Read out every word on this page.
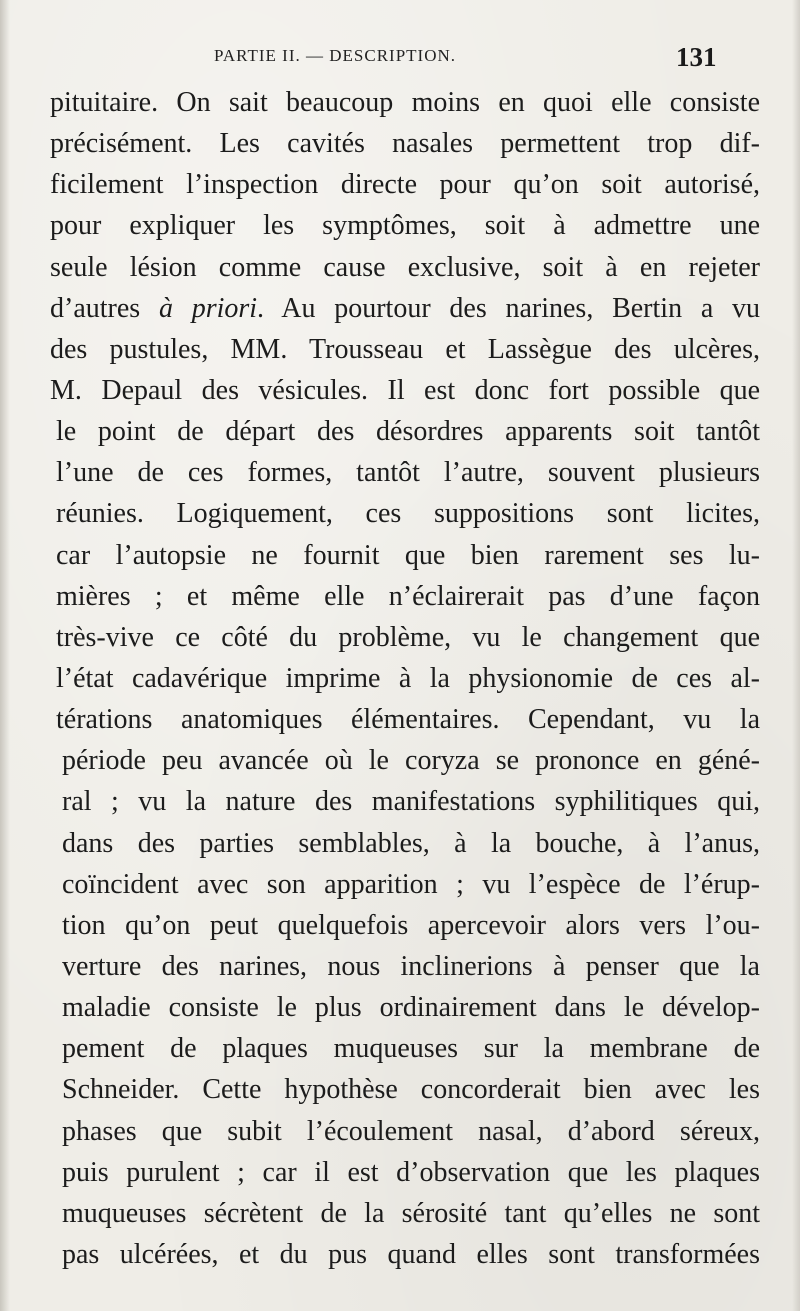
PARTIE II. — DESCRIPTION.	131
pituitaire. On sait beaucoup moins en quoi elle consiste
précisément. Les cavités nasales permettent trop dif-
ficilement l’inspection directe pour qu’on soit autorisé,
pour expliquer les symptômes, soit à admettre une
seule lésion comme cause exclusive, soit à en rejeter
d’autres à priori. Au pourtour des narines, Bertin a vu
des pustules, MM. Trousseau et Lassègue des ulcères,
M. Depaul des vésicules. Il est donc fort possible que
le point de départ des désordres apparents soit tantôt
l’une de ces formes, tantôt l’autre, souvent plusieurs
réunies. Logiquement, ces suppositions sont licites,
car l’autopsie ne fournit que bien rarement ses lu-
mières ; et même elle n’éclairerait pas d’une façon
très-vive ce côté du problème, vu le changement que
l’état cadavérique imprime à la physionomie de ces al-
térations anatomiques élémentaires. Cependant, vu la
période peu avancée où le coryza se prononce en géné-
ral ; vu la nature des manifestations syphilitiques qui,
dans des parties semblables, à la bouche, à l’anus,
coïncident avec son apparition ; vu l’espèce de l’érup-
tion qu’on peut quelquefois apercevoir alors vers l’ou-
verture des narines, nous inclinerions à penser que la
maladie consiste le plus ordinairement dans le dévelop-
pement de plaques muqueuses sur la membrane de
Schneider. Cette hypothèse concorderait bien avec les
phases que subit l’écoulement nasal, d’abord séreux,
puis purulent ; car il est d’observation que les plaques
muqueuses sécrètent de la sérosité tant qu’elles ne sont
pas ulcérées, et du pus quand elles sont transformées
